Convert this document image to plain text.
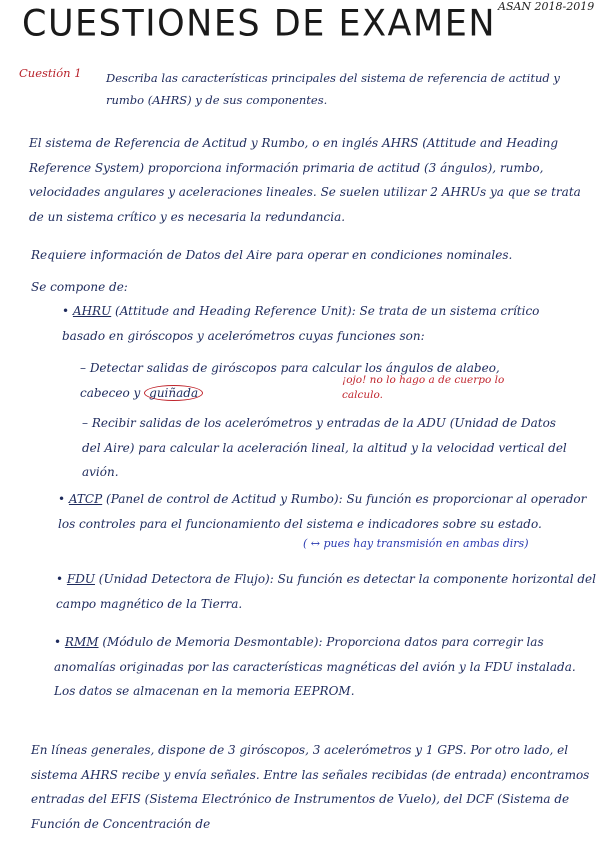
CUESTIONES DE EXAMEN ASAN 2018-2019
Cuestión 1 Describa las características principales del sistema de referencia de actitud y rumbo (AHRS) y de sus componentes.
El sistema de Referencia de Actitud y Rumbo, o en inglés AHRS (Attitude and Heading Reference System) proporciona información primaria de actitud (3 ángulos), rumbo, velocidades angulares y aceleraciones lineales. Se suelen utilizar 2 AHRUs ya que se trata de un sistema crítico y es necesaria la redundancia.
Requiere información de Datos del Aire para operar en condiciones nominales.
Se compone de:
• AHRU (Attitude and Heading Reference Unit): Se trata de un sistema crítico basado en giróscopos y acelerómetros cuyas funciones son:
– Detectar salidas de giróscopos para calcular los ángulos de alabeo, cabeceo y guiñada
– Recibir salidas de los acelerómetros y entradas de la ADU (Unidad de Datos del Aire) para calcular la aceleración lineal, la altitud y la velocidad vertical del avión.
¡ojo! no lo hago a de cuerpo lo calculo.
• ATCP (Panel de control de Actitud y Rumbo): Su función es proporcionar al operador los controles para el funcionamiento del sistema e indicadores sobre su estado.
( ↔ pues hay transmisión en ambas dirs)
• FDU (Unidad Detectora de Flujo): Su función es detectar la componente horizontal del campo magnético de la Tierra.
• RMM (Módulo de Memoria Desmontable): Proporciona datos para corregir las anomalías originadas por las características magnéticas del avión y la FDU instalada. Los datos se almacenan en la memoria EEPROM.
En líneas generales, dispone de 3 giróscopos, 3 acelerómetros y 1 GPS. Por otro lado, el sistema AHRS recibe y envía señales. Entre las señales recibidas (de entrada) encontramos entradas del EFIS (Sistema Electrónico de Instrumentos de Vuelo), del DCF (Sistema de Función de Concentración de
